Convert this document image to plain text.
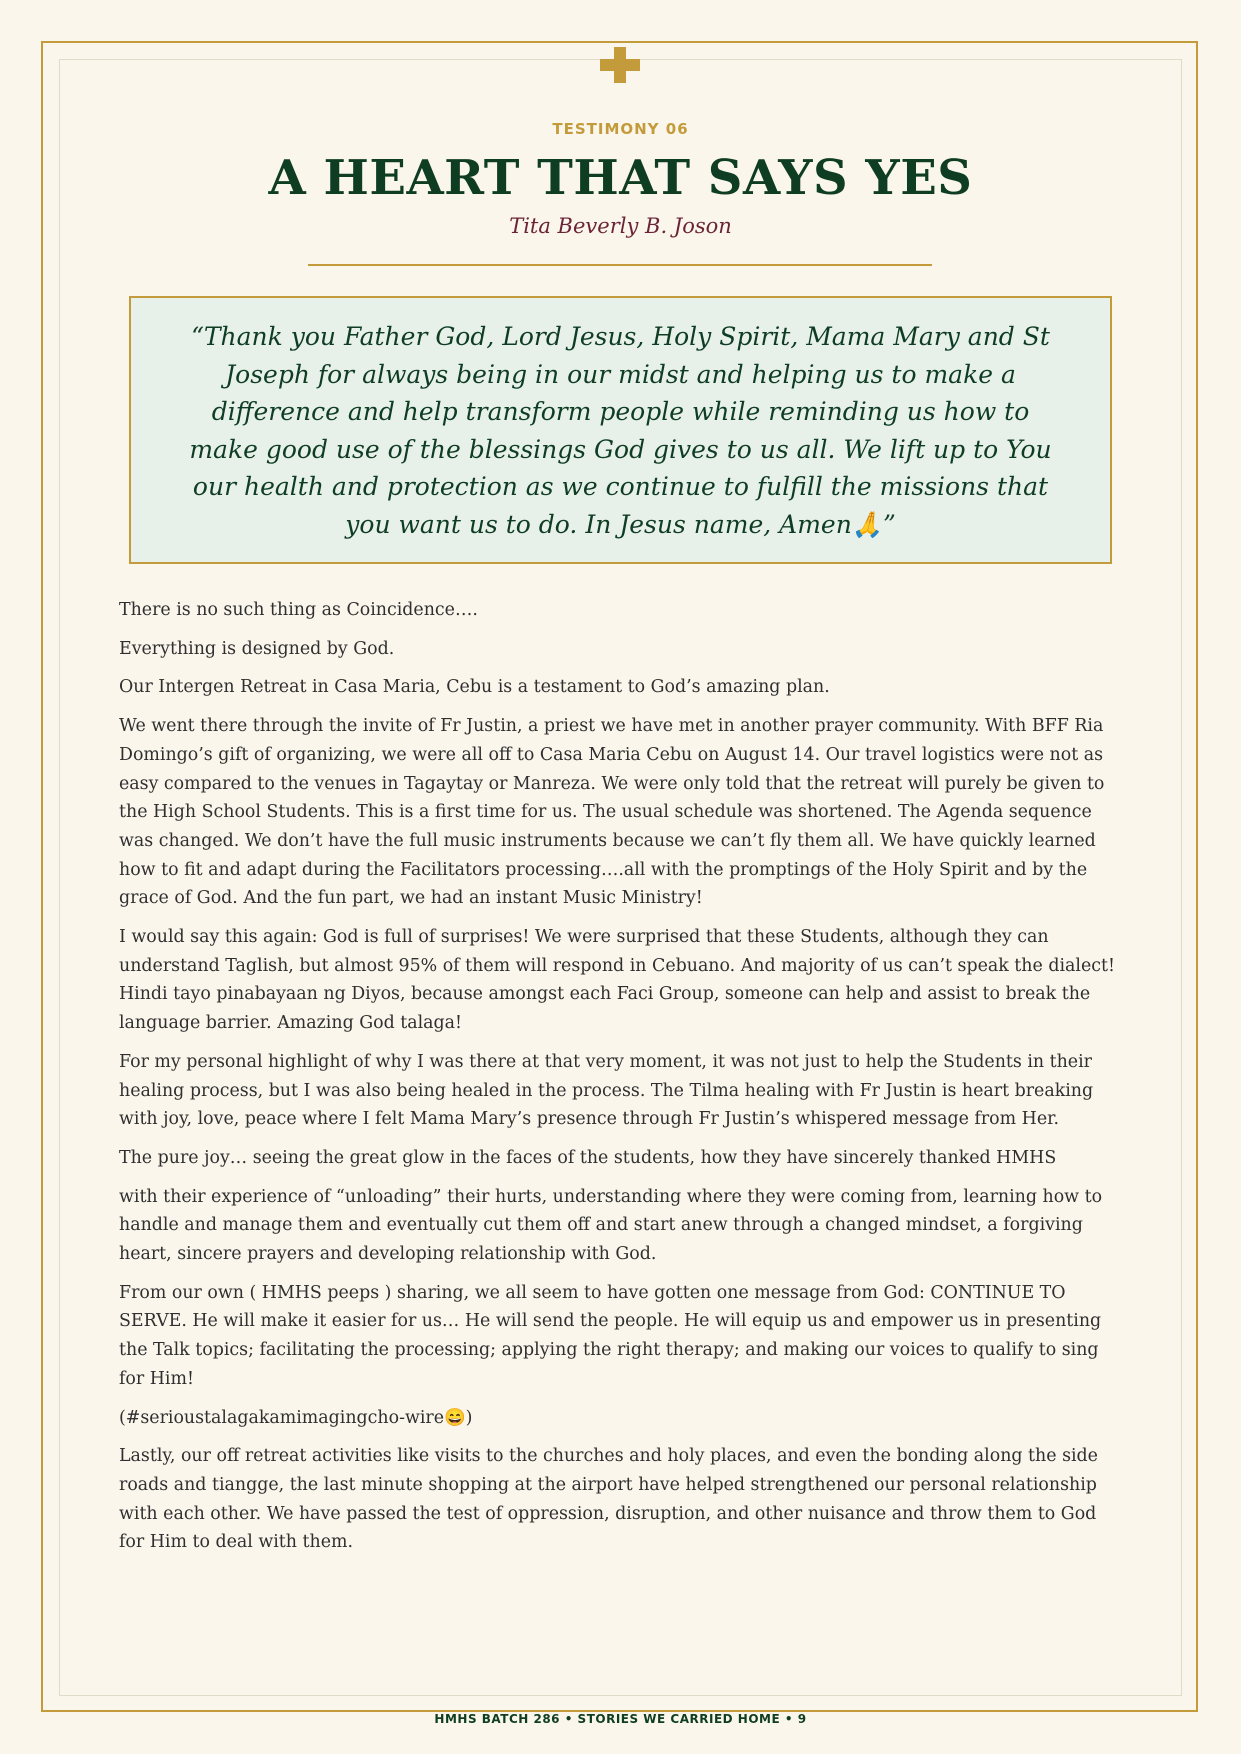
TESTIMONY 06
A HEART THAT SAYS YES
Tita Beverly B. Joson

“Thank you Father God, Lord Jesus, Holy Spirit, Mama Mary and St Joseph for always being in our midst and helping us to make a difference and help transform people while reminding us how to make good use of the blessings God gives to us all. We lift up to You our health and protection as we continue to fulfill the missions that you want us to do. In Jesus name, Amen🙏”

There is no such thing as Coincidence….

Everything is designed by God.

Our Intergen Retreat in Casa Maria, Cebu is a testament to God’s amazing plan.

We went there through the invite of Fr Justin, a priest we have met in another prayer community. With BFF Ria Domingo’s gift of organizing, we were all off to Casa Maria Cebu on August 14. Our travel logistics were not as easy compared to the venues in Tagaytay or Manreza. We were only told that the retreat will purely be given to the High School Students. This is a first time for us. The usual schedule was shortened. The Agenda sequence was changed. We don’t have the full music instruments because we can’t fly them all. We have quickly learned how to fit and adapt during the Facilitators processing….all with the promptings of the Holy Spirit and by the grace of God. And the fun part, we had an instant Music Ministry!

I would say this again: God is full of surprises! We were surprised that these Students, although they can understand Taglish, but almost 95% of them will respond in Cebuano. And majority of us can’t speak the dialect! Hindi tayo pinabayaan ng Diyos, because amongst each Faci Group, someone can help and assist to break the language barrier. Amazing God talaga!

For my personal highlight of why I was there at that very moment, it was not just to help the Students in their healing process, but I was also being healed in the process. The Tilma healing with Fr Justin is heart breaking with joy, love, peace where I felt Mama Mary’s presence through Fr Justin’s whispered message from Her.

The pure joy… seeing the great glow in the faces of the students, how they have sincerely thanked HMHS

with their experience of “unloading” their hurts, understanding where they were coming from, learning how to handle and manage them and eventually cut them off and start anew through a changed mindset, a forgiving heart, sincere prayers and developing relationship with God.

From our own ( HMHS peeps ) sharing, we all seem to have gotten one message from God: CONTINUE TO SERVE. He will make it easier for us… He will send the people. He will equip us and empower us in presenting the Talk topics; facilitating the processing; applying the right therapy; and making our voices to qualify to sing for Him!

(#serioustalagakamimagingcho-wire😄)

Lastly, our off retreat activities like visits to the churches and holy places, and even the bonding along the side roads and tiangge, the last minute shopping at the airport have helped strengthened our personal relationship with each other. We have passed the test of oppression, disruption, and other nuisance and throw them to God for Him to deal with them.

HMHS BATCH 286 • STORIES WE CARRIED HOME • 9
